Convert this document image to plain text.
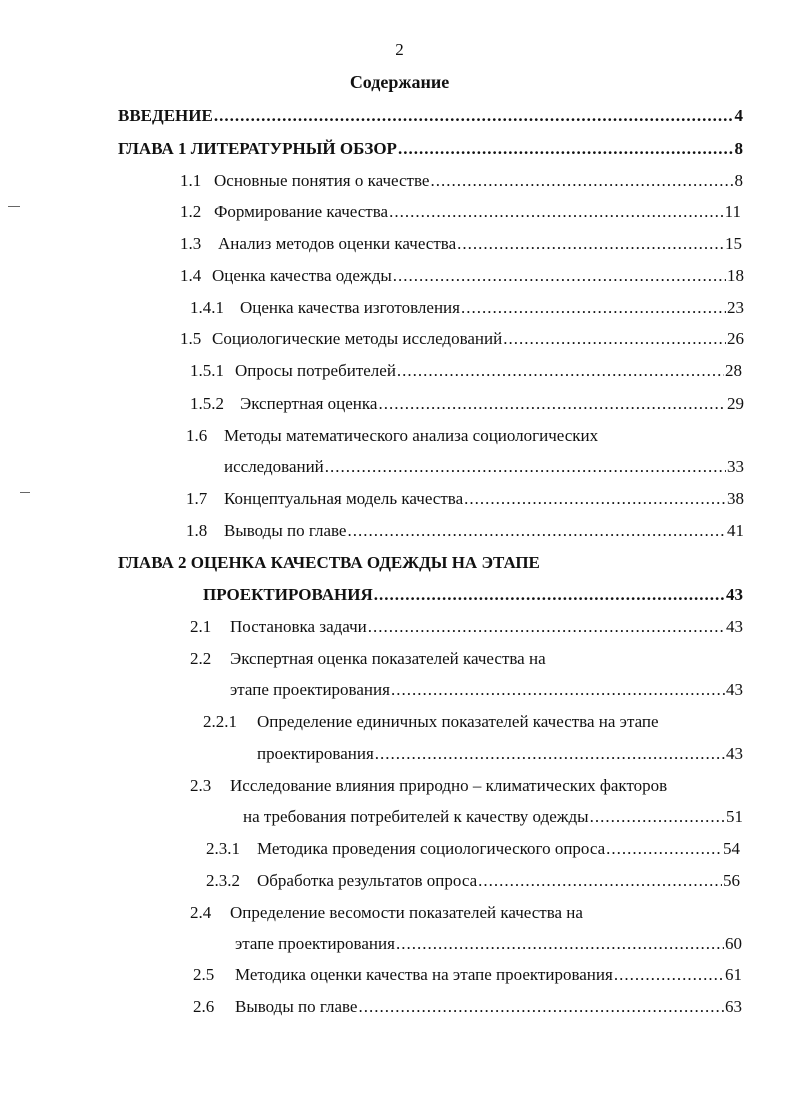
2
Содержание
ВВЕДЕНИЕ .....	4
ГЛАВА 1 ЛИТЕРАТУРНЫЙ ОБЗОР .....	8
1.1 Основные понятия о качестве .....	8
1.2 Формирование качества .....	11
1.3 Анализ методов оценки качества .....	15
1.4 Оценка качества одежды .....	18
1.4.1 Оценка качества изготовления .....	23
1.5 Социологические методы исследований .....	26
1.5.1 Опросы потребителей .....	28
1.5.2 Экспертная оценка .....	29
1.6 Методы математического анализа социологических
исследований .....	33
1.7 Концептуальная модель качества .....	38
1.8 Выводы по главе .....	41
ГЛАВА 2 ОЦЕНКА КАЧЕСТВА ОДЕЖДЫ НА ЭТАПЕ
ПРОЕКТИРОВАНИЯ .....	43
2.1	Постановка задачи .....	43
2.2 Экспертная оценка показателей качества на
этапе проектирования .....	43
2.2.1 Определение единичных показателей качества на этапе
проектирования .....	43
2.3 Исследование влияния природно – климатических факторов
на требования потребителей к качеству одежды .....	51
2.3.1	Методика проведения социологического опроса .....	54
2.3.2	Обработка результатов опроса .....	56
2.4 Определение весомости показателей качества на
этапе проектирования .....	60
2.5	Методика оценки качества на этапе проектирования .....	61
2.6	Выводы по главе .....	63
